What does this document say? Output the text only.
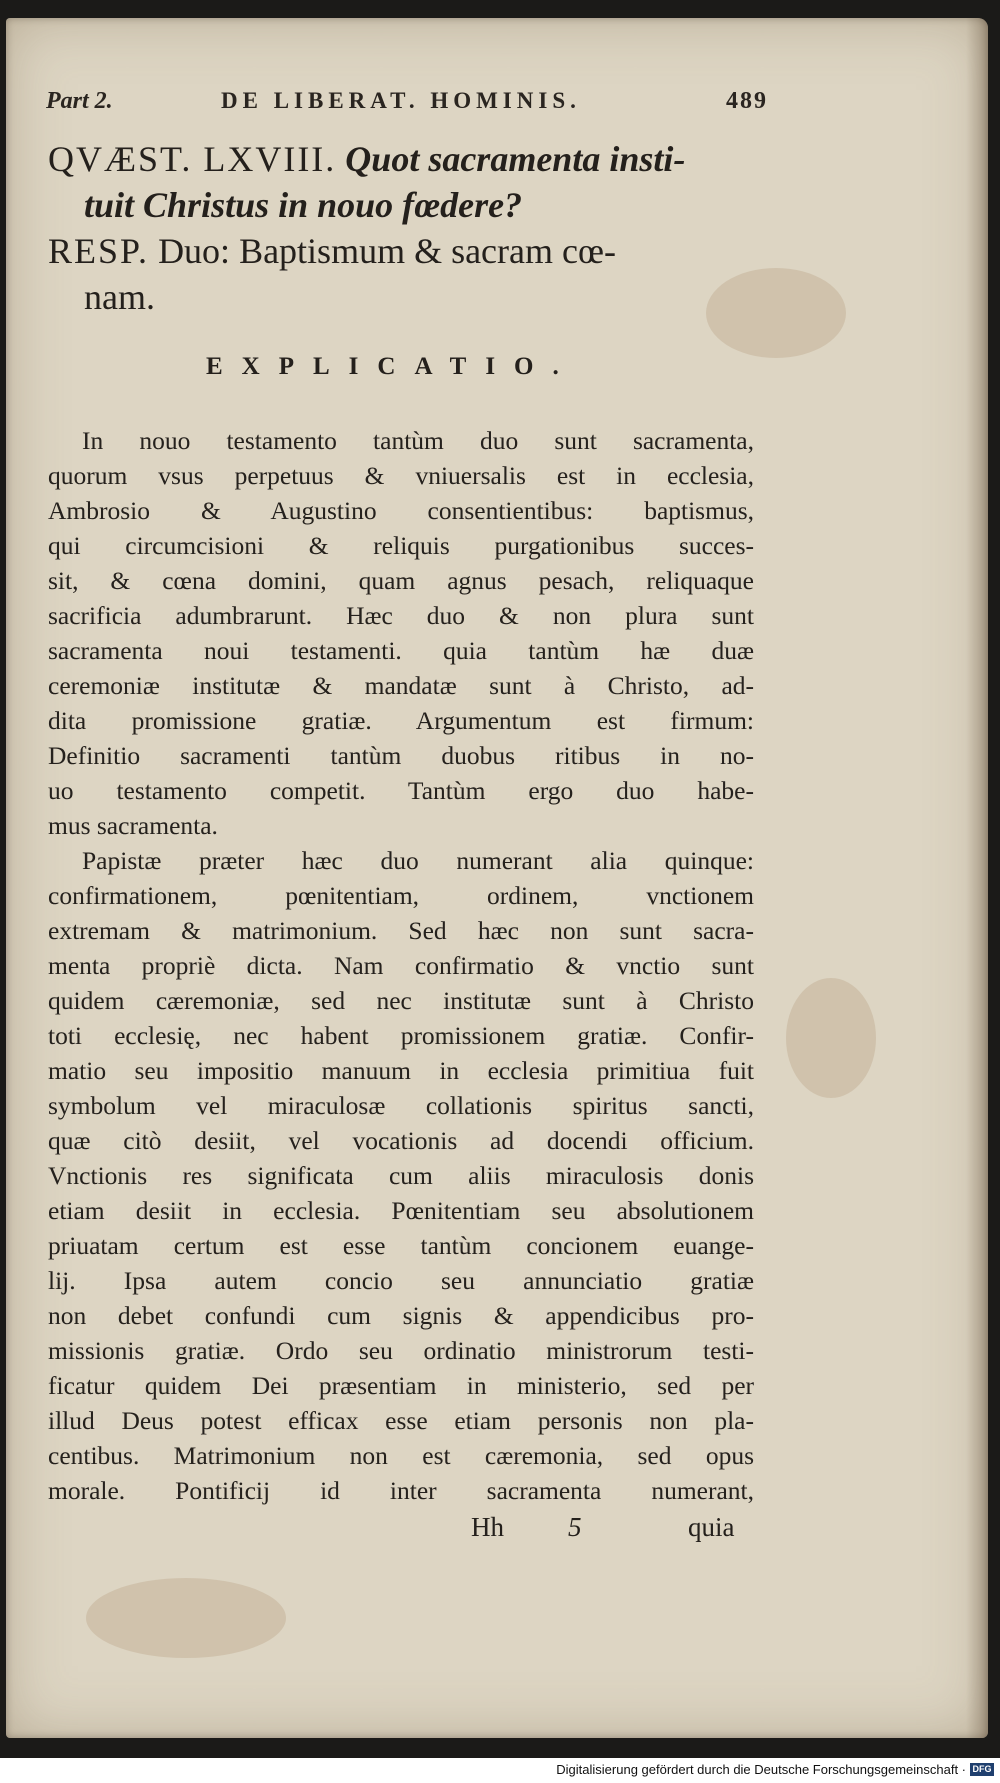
Part 2.	DE LIBERAT. HOMINIS.	489
QVÆST. LXVIII. Quot sacramenta insti-
tuit Christus in nouo fœdere?
RESP. Duo: Baptismum & sacram cœ-
nam.
EXPLICATIO.
In nouo testamento tantùm duo sunt sacramenta,
quorum vsus perpetuus & vniuersalis est in ecclesia,
Ambrosio & Augustino consentientibus: baptismus,
qui circumcisioni & reliquis purgationibus succes-
sit, & cœna domini, quam agnus pesach, reliquaque
sacrificia adumbrarunt. Hæc duo & non plura sunt
sacramenta noui testamenti. quia tantùm hæ duæ
ceremoniæ institutæ & mandatæ sunt à Christo, ad-
dita promissione gratiæ. Argumentum est firmum:
Definitio sacramenti tantùm duobus ritibus in no-
uo testamento competit. Tantùm ergo duo habe-
mus sacramenta.
Papistæ præter hæc duo numerant alia quinque:
confirmationem, pœnitentiam, ordinem, vnctionem
extremam & matrimonium. Sed hæc non sunt sacra-
menta propriè dicta. Nam confirmatio & vnctio sunt
quidem cæremoniæ, sed nec institutæ sunt à Christo
toti ecclesię, nec habent promissionem gratiæ. Confir-
matio seu impositio manuum in ecclesia primitiua fuit
symbolum vel miraculosæ collationis spiritus sancti,
quæ citò desiit, vel vocationis ad docendi officium.
Vnctionis res significata cum aliis miraculosis donis
etiam desiit in ecclesia. Pœnitentiam seu absolutionem
priuatam certum est esse tantùm concionem euange-
lij. Ipsa autem concio seu annunciatio gratiæ
non debet confundi cum signis & appendicibus pro-
missionis gratiæ. Ordo seu ordinatio ministrorum testi-
ficatur quidem Dei præsentiam in ministerio, sed per
illud Deus potest efficax esse etiam personis non pla-
centibus. Matrimonium non est cæremonia, sed opus
morale. Pontificij id inter sacramenta numerant,
Hh 5	quia
Digitalisierung gefördert durch die Deutsche Forschungsgemeinschaft · DFG
